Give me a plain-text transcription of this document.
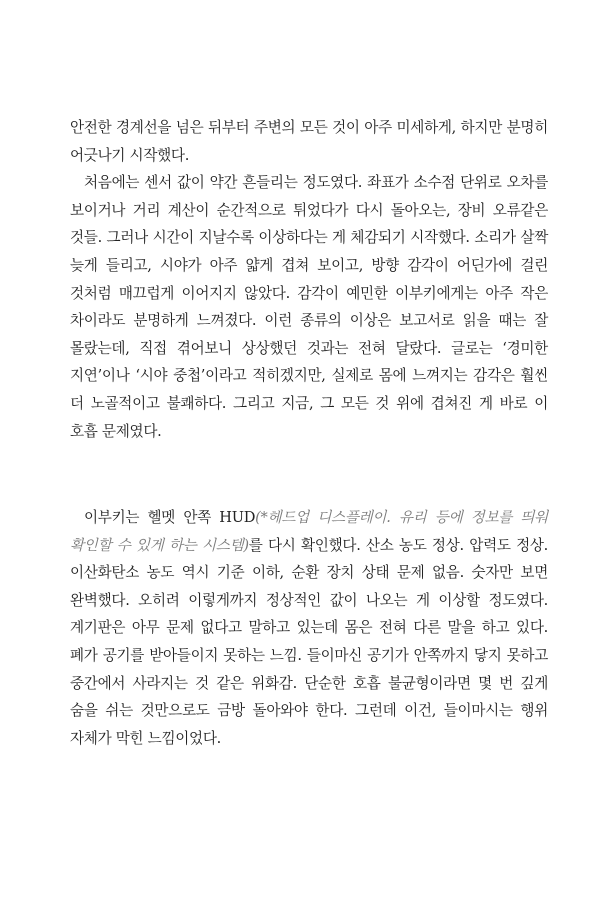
안전한 경계선을 넘은 뒤부터 주변의 모든 것이 아주 미세하게, 하지만 분명히 어긋나기 시작했다.

처음에는 센서 값이 약간 흔들리는 정도였다. 좌표가 소수점 단위로 오차를 보이거나 거리 계산이 순간적으로 튀었다가 다시 돌아오는, 장비 오류같은 것들. 그러나 시간이 지날수록 이상하다는 게 체감되기 시작했다. 소리가 살짝 늦게 들리고, 시야가 아주 얇게 겹쳐 보이고, 방향 감각이 어딘가에 걸린 것처럼 매끄럽게 이어지지 않았다. 감각이 예민한 이부키에게는 아주 작은 차이라도 분명하게 느껴졌다. 이런 종류의 이상은 보고서로 읽을 때는 잘 몰랐는데, 직접 겪어보니 상상했던 것과는 전혀 달랐다. 글로는 ‘경미한 지연’이나 ‘시야 중첩’이라고 적히겠지만, 실제로 몸에 느껴지는 감각은 훨씬 더 노골적이고 불쾌하다. 그리고 지금, 그 모든 것 위에 겹쳐진 게 바로 이 호흡 문제였다.

이부키는 헬멧 안쪽 HUD(*헤드업 디스플레이. 유리 등에 정보를 띄워 확인할 수 있게 하는 시스템)를 다시 확인했다. 산소 농도 정상. 압력도 정상. 이산화탄소 농도 역시 기준 이하, 순환 장치 상태 문제 없음. 숫자만 보면 완벽했다. 오히려 이렇게까지 정상적인 값이 나오는 게 이상할 정도였다. 계기판은 아무 문제 없다고 말하고 있는데 몸은 전혀 다른 말을 하고 있다. 폐가 공기를 받아들이지 못하는 느낌. 들이마신 공기가 안쪽까지 닿지 못하고 중간에서 사라지는 것 같은 위화감. 단순한 호흡 불균형이라면 몇 번 깊게 숨을 쉬는 것만으로도 금방 돌아와야 한다. 그런데 이건, 들이마시는 행위 자체가 막힌 느낌이었다.
